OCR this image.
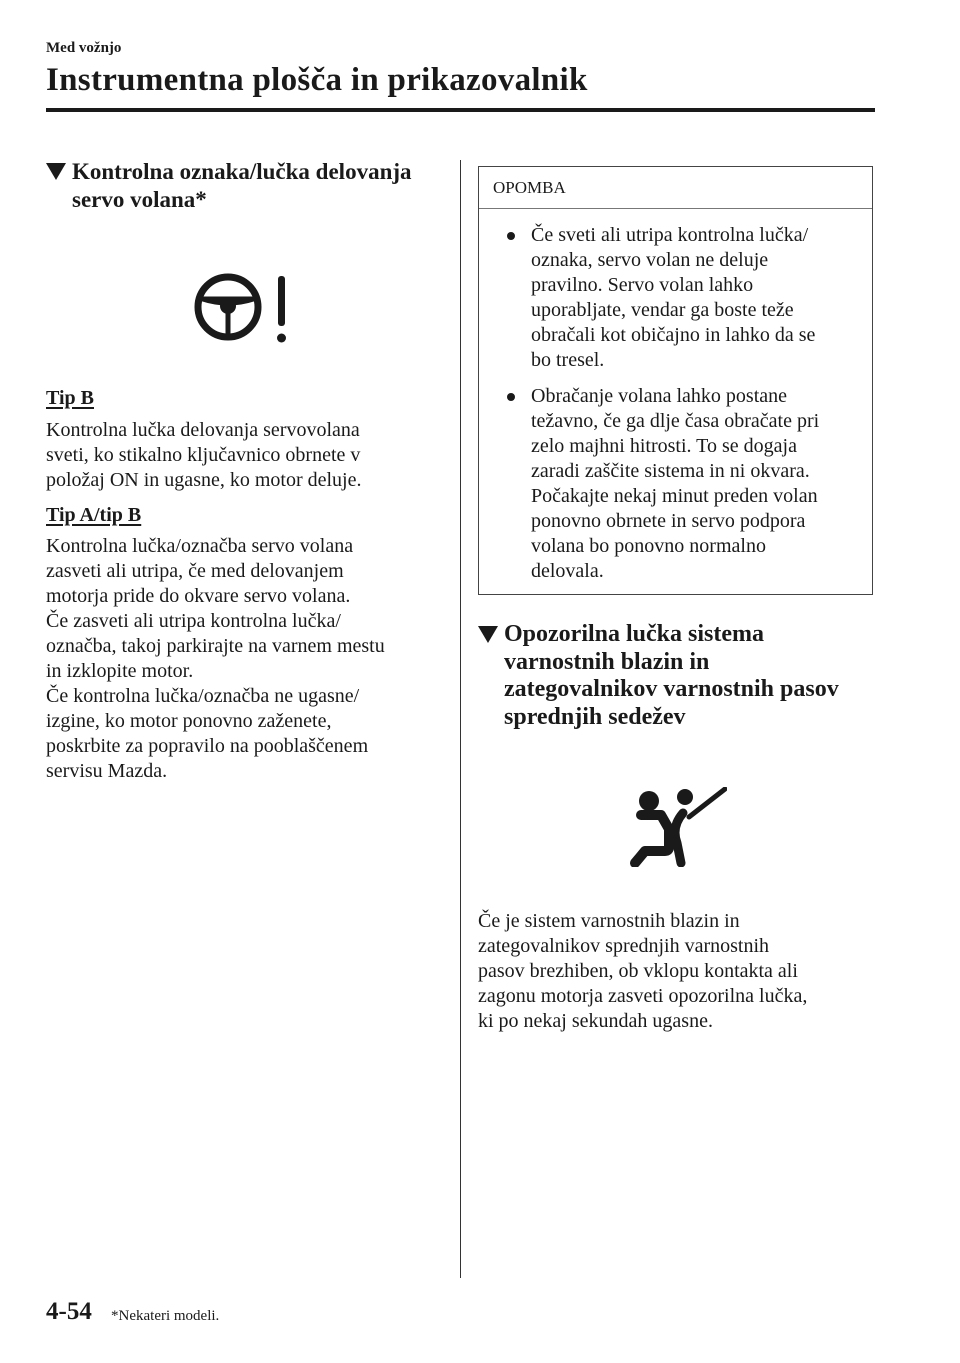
Med vožnjo
Instrumentna plošča in prikazovalnik
Kontrolna oznaka/lučka delovanja
servo volana*
Tip B

Kontrolna lučka delovanja servovolana

sveti, ko stikalno ključavnico obrnete v

položaj ON in ugasne, ko motor deluje.

Tip A/tip B

Kontrolna lučka/označba servo volana

zasveti ali utripa, če med delovanjem

motorja pride do okvare servo volana.

Če zasveti ali utripa kontrolna lučka/

označba, takoj parkirajte na varnem mestu

in izklopite motor.

Če kontrolna lučka/označba ne ugasne/

izgine, ko motor ponovno zaženete,

poskrbite za popravilo na pooblaščenem

servisu Mazda.

OPOMBA
Če sveti ali utripa kontrolna lučka/
oznaka, servo volan ne deluje
pravilno. Servo volan lahko
uporabljate, vendar ga boste teže
obračali kot običajno in lahko da se
bo tresel.
Obračanje volana lahko postane
težavno, če ga dlje časa obračate pri
zelo majhni hitrosti. To se dogaja
zaradi zaščite sistema in ni okvara.
Počakajte nekaj minut preden volan
ponovno obrnete in servo podpora
volana bo ponovno normalno
delovala.
Opozorilna lučka sistema
varnostnih blazin in
zategovalnikov varnostnih pasov
sprednjih sedežev

Če je sistem varnostnih blazin in

zategovalnikov sprednjih varnostnih

pasov brezhiben, ob vklopu kontakta ali

zagonu motorja zasveti opozorilna lučka,

ki po nekaj sekundah ugasne.

4-54 *Nekateri modeli.
